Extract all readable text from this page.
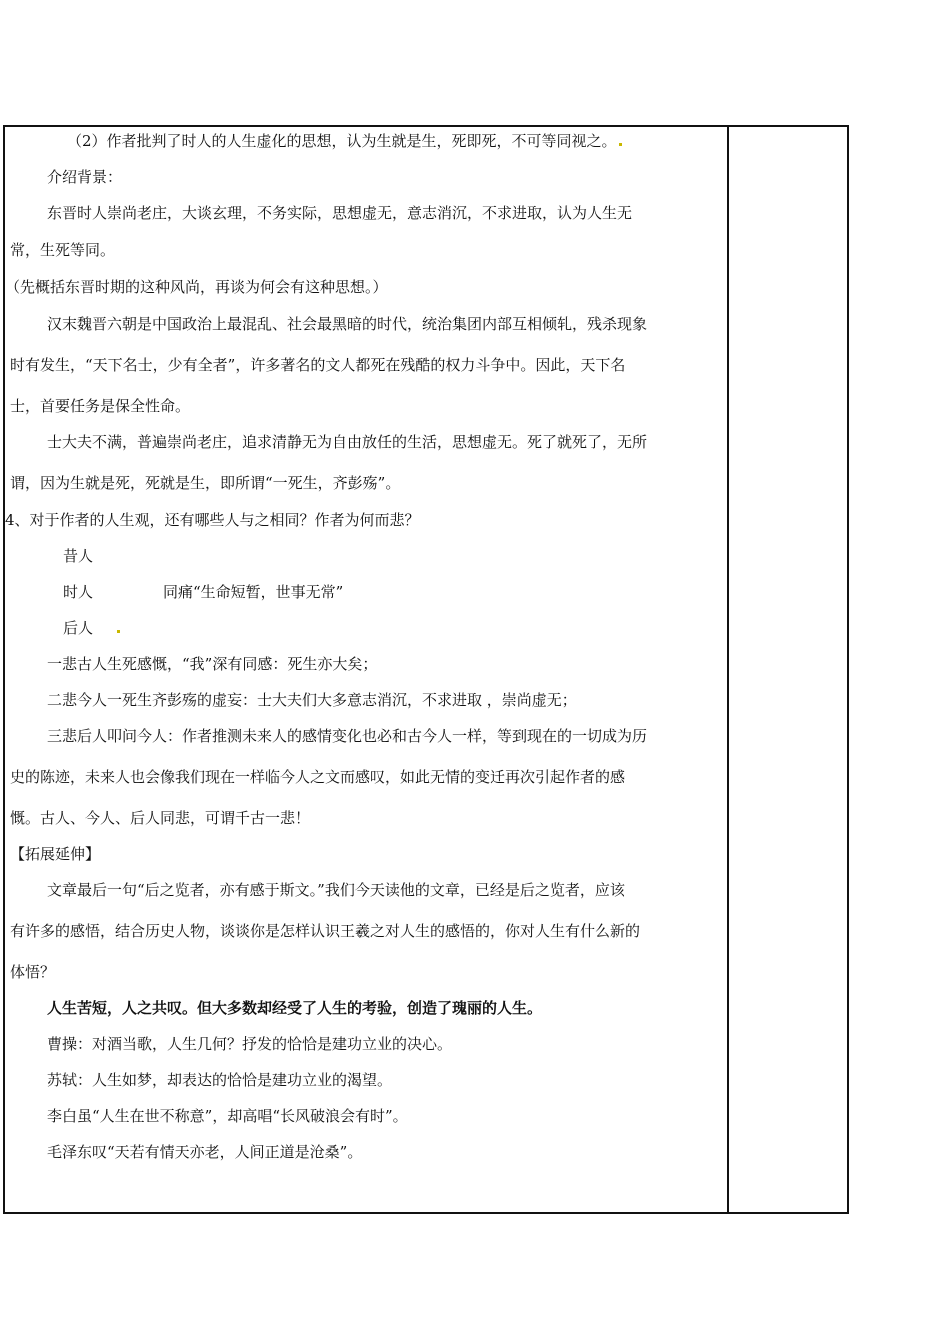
（2）作者批判了时人的人生虚化的思想，认为生就是生，死即死，不可等同视之。
介绍背景：
东晋时人崇尚老庄，大谈玄理，不务实际，思想虚无，意志消沉，不求进取，认为人生无
常，生死等同。
（先概括东晋时期的这种风尚，再谈为何会有这种思想。）
汉末魏晋六朝是中国政治上最混乱、社会最黑暗的时代，统治集团内部互相倾轧，残杀现象
时有发生，“天下名士，少有全者”，许多著名的文人都死在残酷的权力斗争中。因此，天下名
士，首要任务是保全性命。
士大夫不满，普遍崇尚老庄，追求清静无为自由放任的生活，思想虚无。死了就死了，无所
谓，因为生就是死，死就是生，即所谓“一死生，齐彭殇”。
4、对于作者的人生观，还有哪些人与之相同？作者为何而悲？
昔人
时人	同痛“生命短暂，世事无常”
后人
一悲古人生死感慨，“我”深有同感：死生亦大矣；
二悲今人一死生齐彭殇的虚妄：士大夫们大多意志消沉，不求进取 ，崇尚虚无；
三悲后人叩问今人：作者推测未来人的感情变化也必和古今人一样，等到现在的一切成为历
史的陈迹，未来人也会像我们现在一样临今人之文而感叹，如此无情的变迁再次引起作者的感
慨。古人、今人、后人同悲，可谓千古一悲！
【拓展延伸】
文章最后一句“后之览者，亦有感于斯文。”我们今天读他的文章，已经是后之览者，应该
有许多的感悟，结合历史人物，谈谈你是怎样认识王羲之对人生的感悟的，你对人生有什么新的
体悟？
人生苦短，人之共叹。但大多数却经受了人生的考验，创造了瑰丽的人生。
曹操：对酒当歌，人生几何？抒发的恰恰是建功立业的决心。
苏轼：人生如梦，却表达的恰恰是建功立业的渴望。
李白虽“人生在世不称意”，却高唱“长风破浪会有时”。
毛泽东叹“天若有情天亦老，人间正道是沧桑”。
